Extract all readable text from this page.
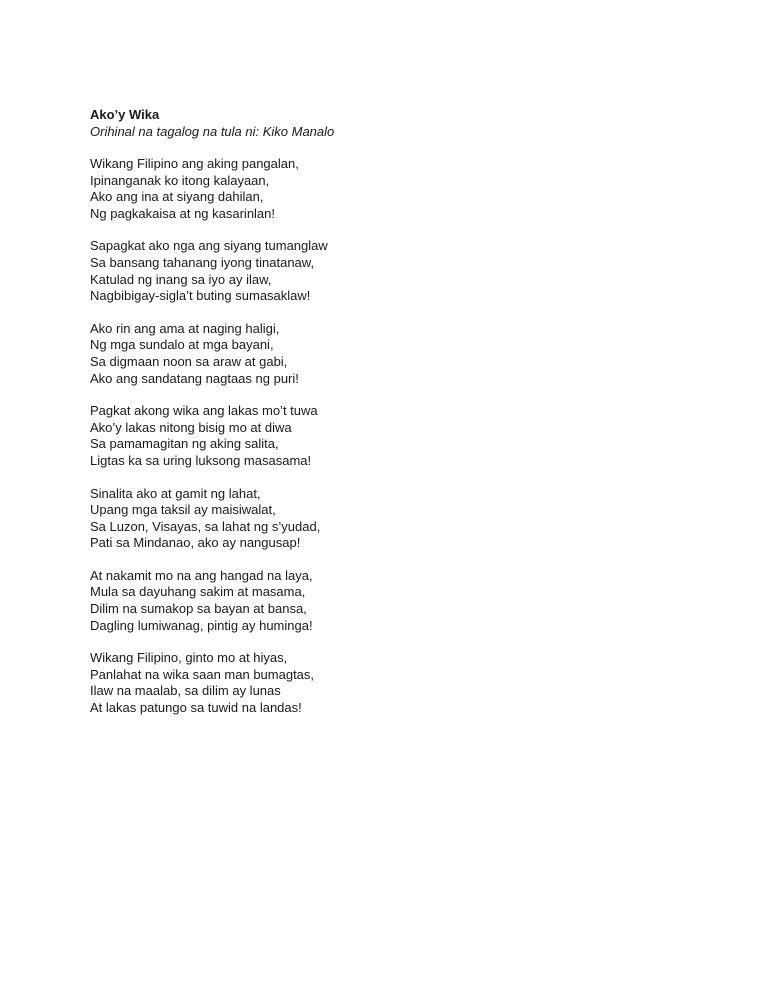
Ako’y Wika
Orihinal na tagalog na tula ni: Kiko Manalo
Wikang Filipino ang aking pangalan,
Ipinanganak ko itong kalayaan,
Ako ang ina at siyang dahilan,
Ng pagkakaisa at ng kasarinlan!
Sapagkat ako nga ang siyang tumanglaw
Sa bansang tahanang iyong tinatanaw,
Katulad ng inang sa iyo ay ilaw,
Nagbibigay-sigla’t buting sumasaklaw!
Ako rin ang ama at naging haligi,
Ng mga sundalo at mga bayani,
Sa digmaan noon sa araw at gabi,
Ako ang sandatang nagtaas ng puri!
Pagkat akong wika ang lakas mo’t tuwa
Ako’y lakas nitong bisig mo at diwa
Sa pamamagitan ng aking salita,
Ligtas ka sa uring luksong masasama!
Sinalita ako at gamit ng lahat,
Upang mga taksil ay maisiwalat,
Sa Luzon, Visayas, sa lahat ng s’yudad,
Pati sa Mindanao, ako ay nangusap!
At nakamit mo na ang hangad na laya,
Mula sa dayuhang sakim at masama,
Dilim na sumakop sa bayan at bansa,
Dagling lumiwanag, pintig ay huminga!
Wikang Filipino, ginto mo at hiyas,
Panlahat na wika saan man bumagtas,
Ilaw na maalab, sa dilim ay lunas
At lakas patungo sa tuwid na landas!
